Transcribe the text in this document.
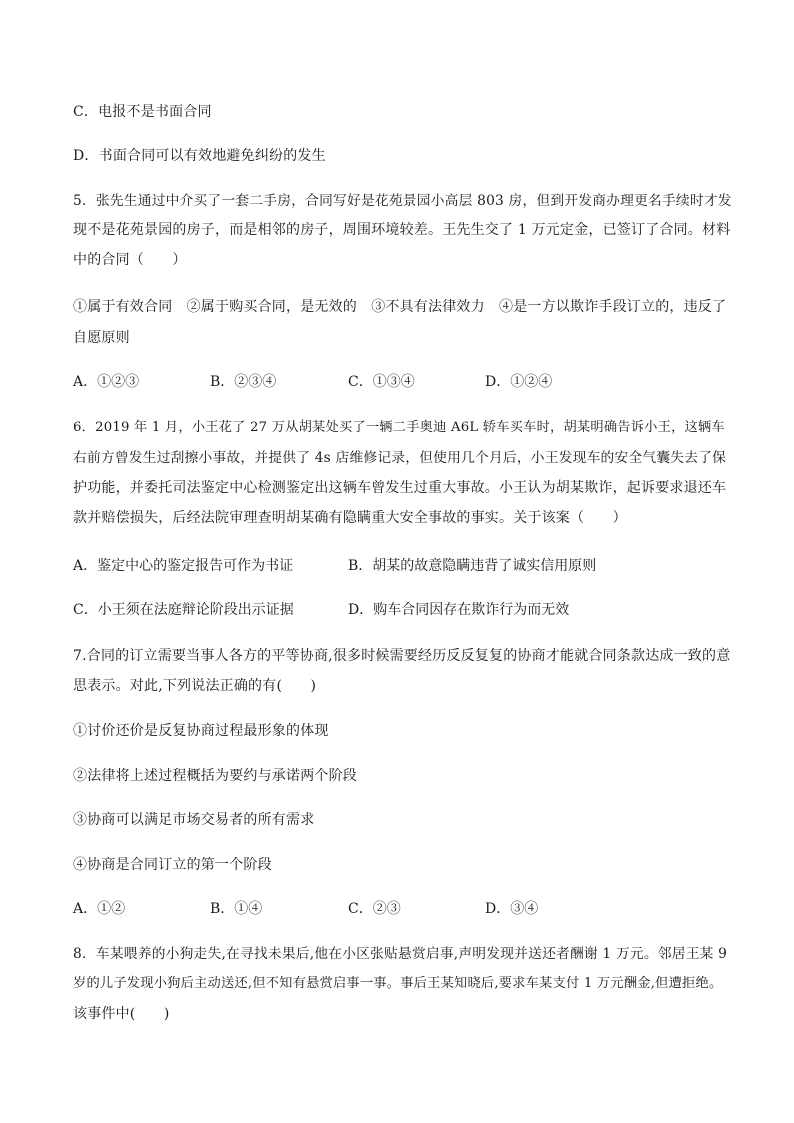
C．电报不是书面合同
D．书面合同可以有效地避免纠纷的发生
5．张先生通过中介买了一套二手房，合同写好是花苑景园小高层 803 房，但到开发商办理更名手续时才发
现不是花苑景园的房子，而是相邻的房子，周围环境较差。王先生交了 1 万元定金，已签订了合同。材料
中的合同（　　）
①属于有效合同　②属于购买合同，是无效的　③不具有法律效力　④是一方以欺诈手段订立的，违反了
自愿原则
A．①②③	B．②③④	C．①③④	D．①②④
6．2019 年 1 月，小王花了 27 万从胡某处买了一辆二手奥迪 A6L 轿车买车时，胡某明确告诉小王，这辆车
右前方曾发生过刮擦小事故，并提供了 4s 店维修记录，但使用几个月后，小王发现车的安全气囊失去了保
护功能，并委托司法鉴定中心检测鉴定出这辆车曾发生过重大事故。小王认为胡某欺诈，起诉要求退还车
款并赔偿损失，后经法院审理查明胡某确有隐瞒重大安全事故的事实。关于该案（　　）
A．鉴定中心的鉴定报告可作为书证	B．胡某的故意隐瞒违背了诚实信用原则
C．小王须在法庭辩论阶段出示证据	D．购车合同因存在欺诈行为而无效
7.合同的订立需要当事人各方的平等协商,很多时候需要经历反反复复的协商才能就合同条款达成一致的意
思表示。对此,下列说法正确的有(　　)
①讨价还价是反复协商过程最形象的体现
②法律将上述过程概括为要约与承诺两个阶段
③协商可以满足市场交易者的所有需求
④协商是合同订立的第一个阶段
A．①②	B．①④	C．②③	D．③④
8．车某喂养的小狗走失,在寻找未果后,他在小区张贴悬赏启事,声明发现并送还者酬谢 1 万元。邻居王某 9
岁的儿子发现小狗后主动送还,但不知有悬赏启事一事。事后王某知晓后,要求车某支付 1 万元酬金,但遭拒绝。
该事件中(　　)
